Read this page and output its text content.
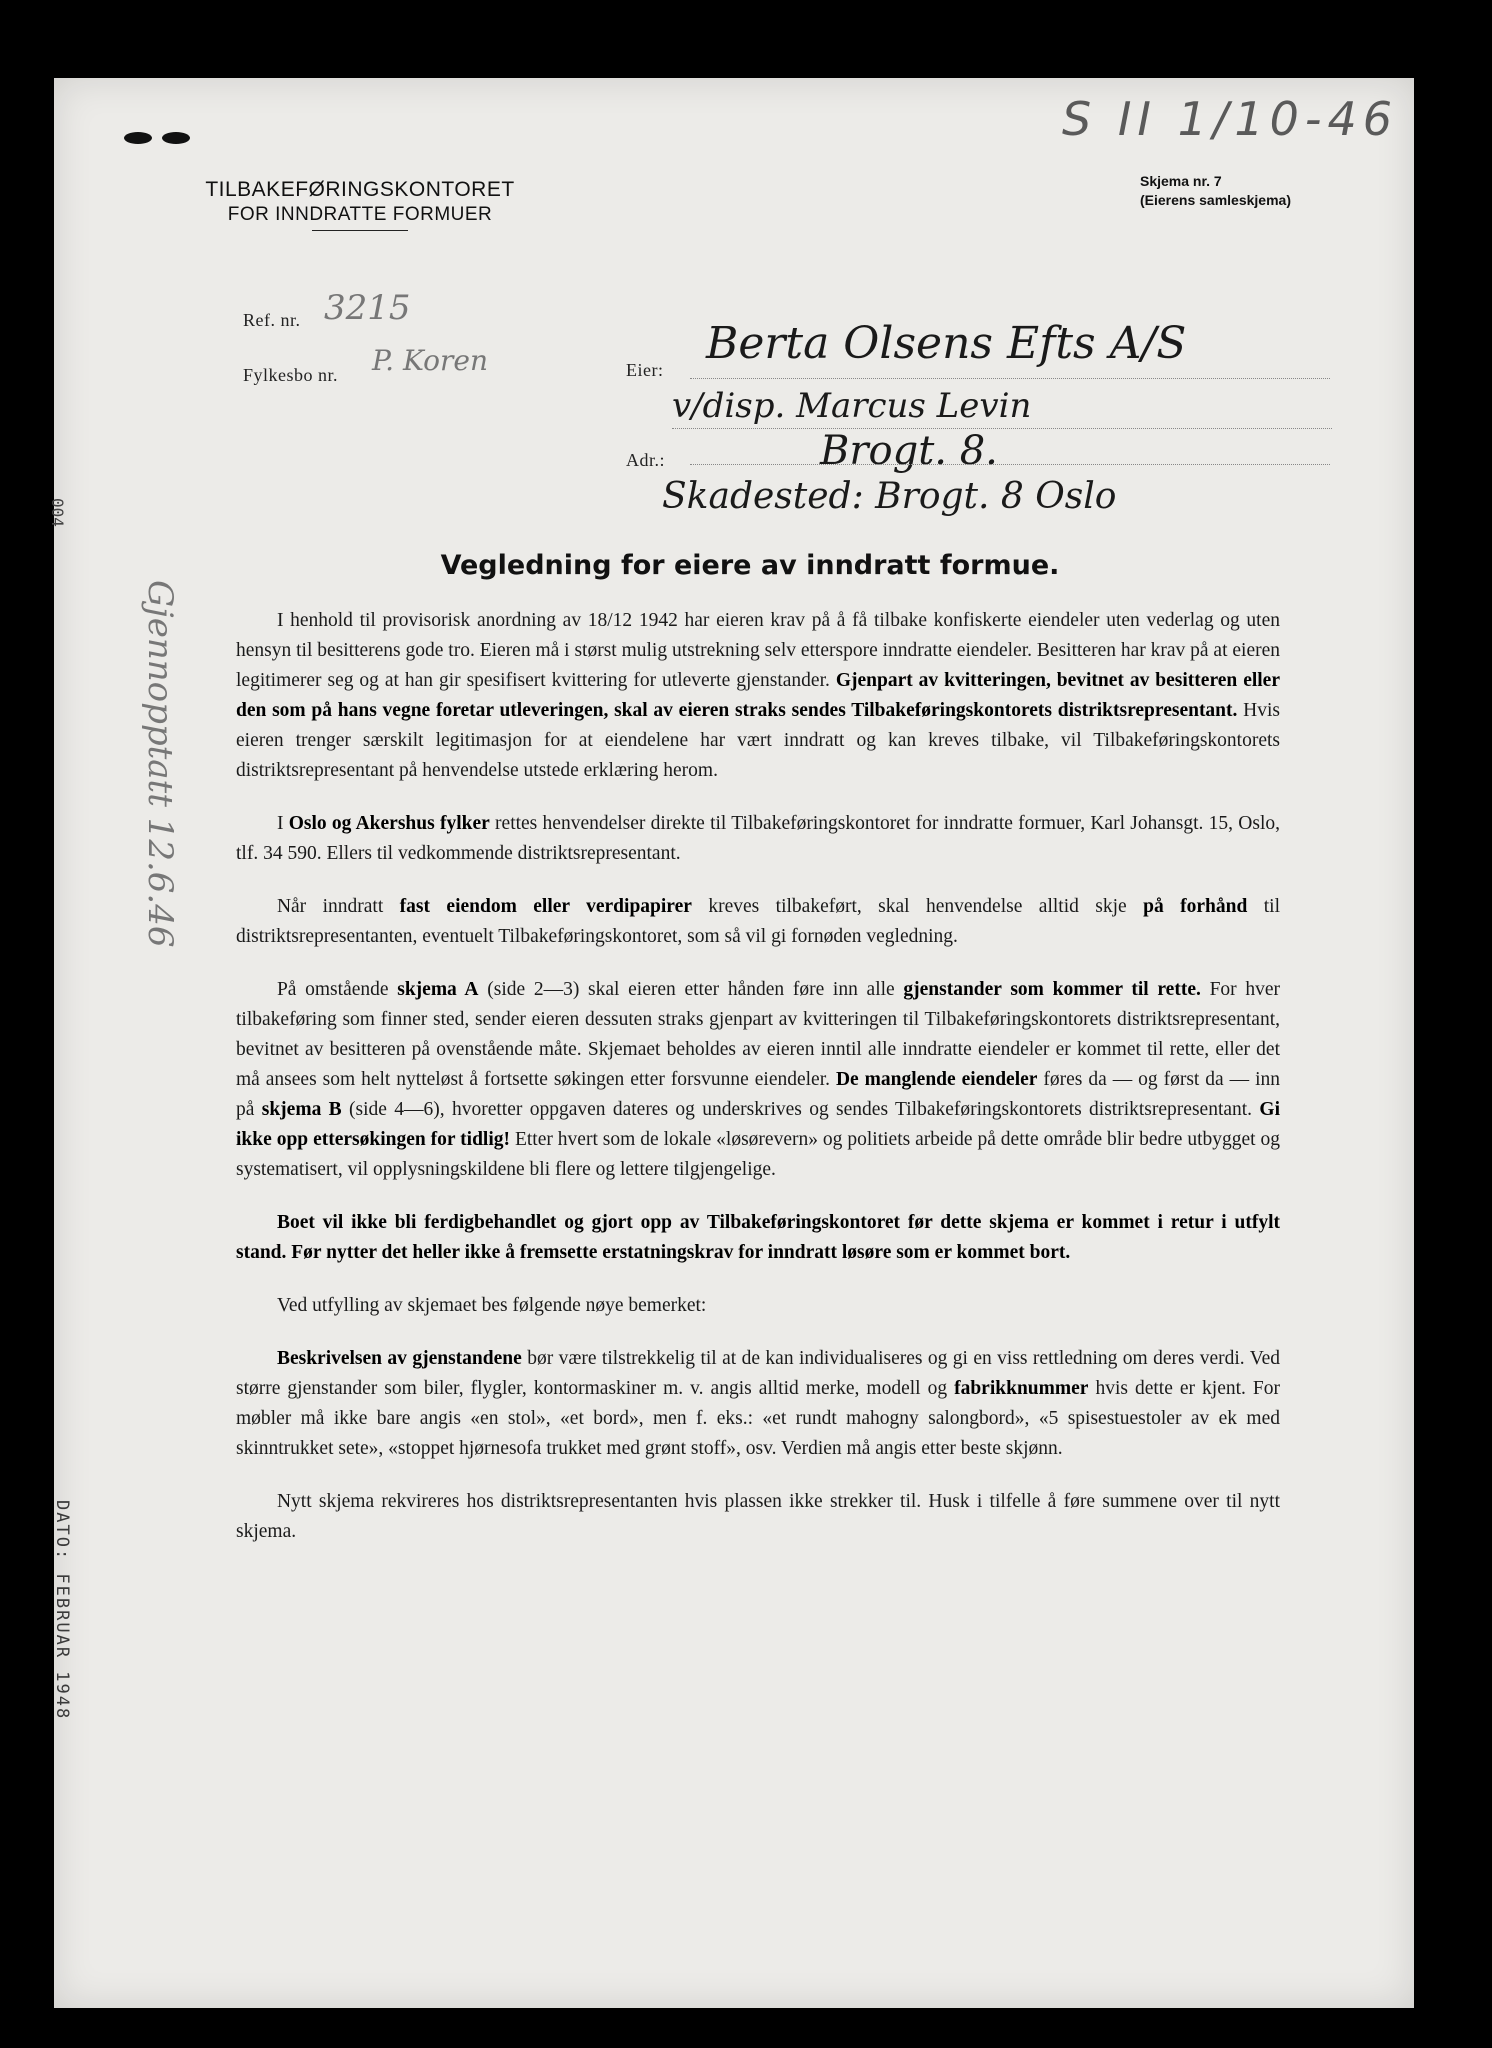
S II 1/10-46
TILBAKEFØRINGSKONTORET
FOR INNDRATTE FORMUER
Skjema nr. 7
(Eierens samleskjema)
Ref. nr. 3215
Fylkesbo nr. P. Koren	Eier:
Berta Olsens Efts A/S
v/disp. Marcus Levin
Adr.:	Brogt. 8.
Skadested: Brogt. 8 Oslo
Vegledning for eiere av inndratt formue.

I henhold til provisorisk anordning av 18/12 1942 har eieren krav på å få tilbake konfiskerte eiendeler uten vederlag og uten hensyn til besitterens gode tro. Eieren må i størst mulig utstrekning selv etterspore inndratte eiendeler. Besitteren har krav på at eieren legitimerer seg og at han gir spesifisert kvittering for utleverte gjenstander. Gjenpart av kvitteringen, bevitnet av besitteren eller den som på hans vegne foretar utleveringen, skal av eieren straks sendes Tilbakeføringskontorets distriktsrepresentant. Hvis eieren trenger særskilt legitimasjon for at eiendelene har vært inndratt og kan kreves tilbake, vil Tilbakeføringskontorets distriktsrepresentant på henvendelse utstede erklæring herom.

I Oslo og Akershus fylker rettes henvendelser direkte til Tilbakeføringskontoret for inndratte formuer, Karl Johansgt. 15, Oslo, tlf. 34 590. Ellers til vedkommende distriktsrepresentant.

Når inndratt fast eiendom eller verdipapirer kreves tilbakeført, skal henvendelse alltid skje på forhånd til distriktsrepresentanten, eventuelt Tilbakeføringskontoret, som så vil gi fornøden vegledning.

På omstående skjema A (side 2—3) skal eieren etter hånden føre inn alle gjenstander som kommer til rette. For hver tilbakeføring som finner sted, sender eieren dessuten straks gjenpart av kvitteringen til Tilbakeføringskontorets distriktsrepresentant, bevitnet av besitteren på ovenstående måte. Skjemaet beholdes av eieren inntil alle inndratte eiendeler er kommet til rette, eller det må ansees som helt nytteløst å fortsette søkingen etter forsvunne eiendeler. De manglende eiendeler føres da — og først da — inn på skjema B (side 4—6), hvoretter oppgaven dateres og underskrives og sendes Tilbakeføringskontorets distriktsrepresentant. Gi ikke opp ettersøkingen for tidlig! Etter hvert som de lokale «løsørevern» og politiets arbeide på dette område blir bedre utbygget og systematisert, vil opplysningskildene bli flere og lettere tilgjengelige.

Boet vil ikke bli ferdigbehandlet og gjort opp av Tilbakeføringskontoret før dette skjema er kommet i retur i utfylt stand. Før nytter det heller ikke å fremsette erstatningskrav for inndratt løsøre som er kommet bort.

Ved utfylling av skjemaet bes følgende nøye bemerket:

Beskrivelsen av gjenstandene bør være tilstrekkelig til at de kan individualiseres og gi en viss rettledning om deres verdi. Ved større gjenstander som biler, flygler, kontormaskiner m. v. angis alltid merke, modell og fabrikknummer hvis dette er kjent. For møbler må ikke bare angis «en stol», «et bord», men f. eks.: «et rundt mahogny salongbord», «5 spisestuestoler av ek med skinntrukket sete», «stoppet hjørnesofa trukket med grønt stoff», osv. Verdien må angis etter beste skjønn.

Nytt skjema rekvireres hos distriktsrepresentanten hvis plassen ikke strekker til. Husk i tilfelle å føre summene over til nytt skjema.

Gjennopptatt 12.6.46
004
DATO: FEBRUAR 1948
